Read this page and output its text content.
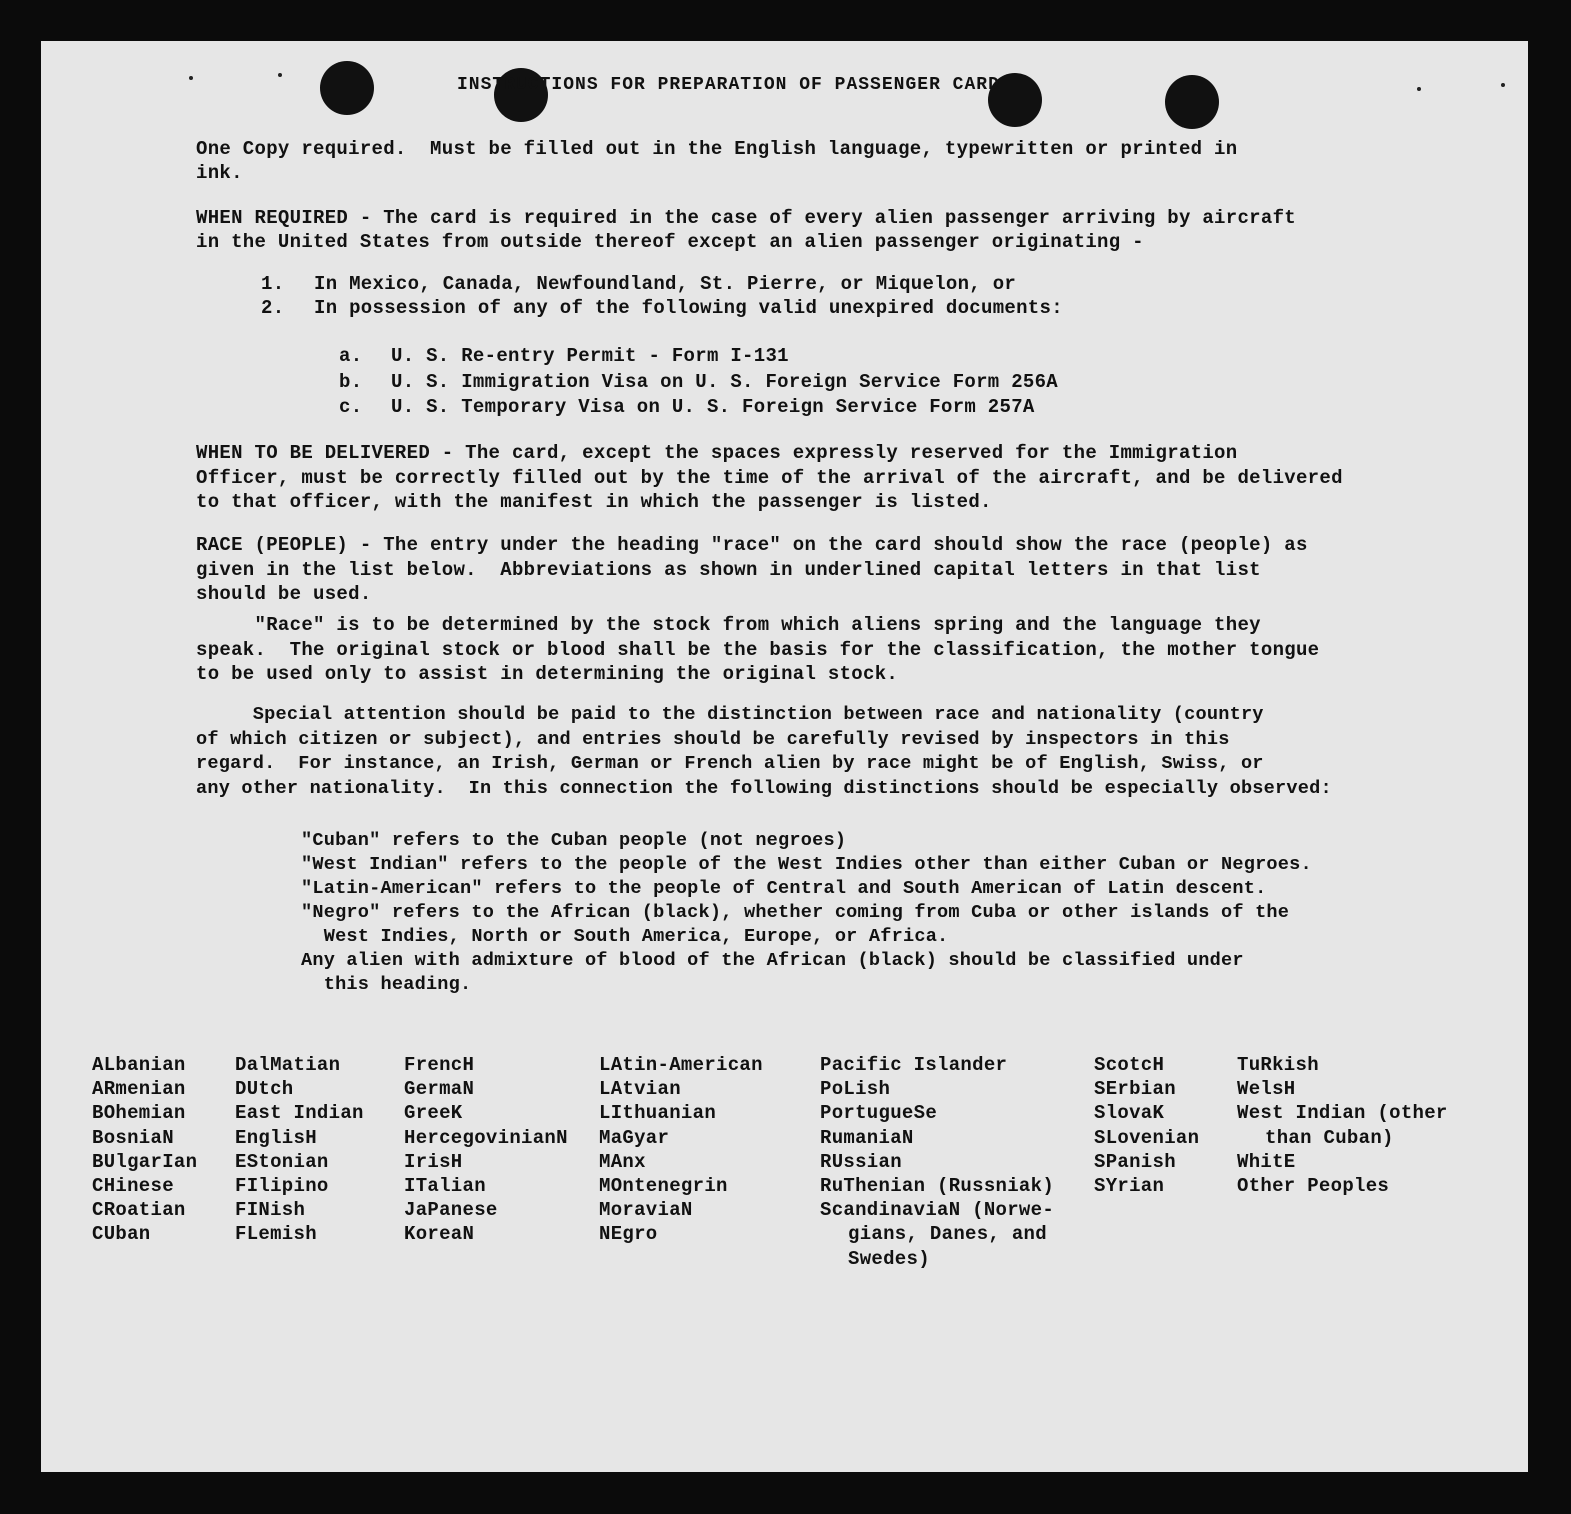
INSTRUCTIONS FOR PREPARATION OF PASSENGER CARD
One Copy required.  Must be filled out in the English language, typewritten or printed in
ink.
WHEN REQUIRED - The card is required in the case of every alien passenger arriving by aircraft
in the United States from outside thereof except an alien passenger originating -
1. In Mexico, Canada, Newfoundland, St. Pierre, or Miquelon, or
2. In possession of any of the following valid unexpired documents:
a. U. S. Re-entry Permit - Form I-131
b. U. S. Immigration Visa on U. S. Foreign Service Form 256A
c. U. S. Temporary Visa on U. S. Foreign Service Form 257A
WHEN TO BE DELIVERED - The card, except the spaces expressly reserved for the Immigration
Officer, must be correctly filled out by the time of the arrival of the aircraft, and be delivered
to that officer, with the manifest in which the passenger is listed.
RACE (PEOPLE) - The entry under the heading "race" on the card should show the race (people) as
given in the list below.  Abbreviations as shown in underlined capital letters in that list
should be used.
"Race" is to be determined by the stock from which aliens spring and the language they
speak.  The original stock or blood shall be the basis for the classification, the mother tongue
to be used only to assist in determining the original stock.
Special attention should be paid to the distinction between race and nationality (country
of which citizen or subject), and entries should be carefully revised by inspectors in this
regard.  For instance, an Irish, German or French alien by race might be of English, Swiss, or
any other nationality.  In this connection the following distinctions should be especially observed:
"Cuban" refers to the Cuban people (not negroes)
"West Indian" refers to the people of the West Indies other than either Cuban or Negroes.
"Latin-American" refers to the people of Central and South American of Latin descent.
"Negro" refers to the African (black), whether coming from Cuba or other islands of the
West Indies, North or South America, Europe, or Africa.
Any alien with admixture of blood of the African (black) should be classified under
this heading.
ALbanian
ARmenian
BOhemian
BosniaN
BUlgarIan
CHinese
CRoatian
CUban
DalMatian
DUtch
East Indian
EnglisH
EStonian
FIlipino
FINish
FLemish
FrencH
GermaN
GreeK
HercegovinianN
IrisH
ITalian
JaPanese
KoreaN
LAtin-American
LAtvian
LIthuanian
MaGyar
MAnx
MOntenegrin
MoraviaN
NEgro
Pacific Islander
PoLish
PortugueSe
RumaniaN
RUssian
RuThenian (Russniak)
ScandinaviaN (Norwe-
gians, Danes, and
Swedes)
ScotcH
SErbian
SlovaK
SLovenian
SPanish
SYrian
TuRkish
WelsH
West Indian (other
than Cuban)
WhitE
Other Peoples
